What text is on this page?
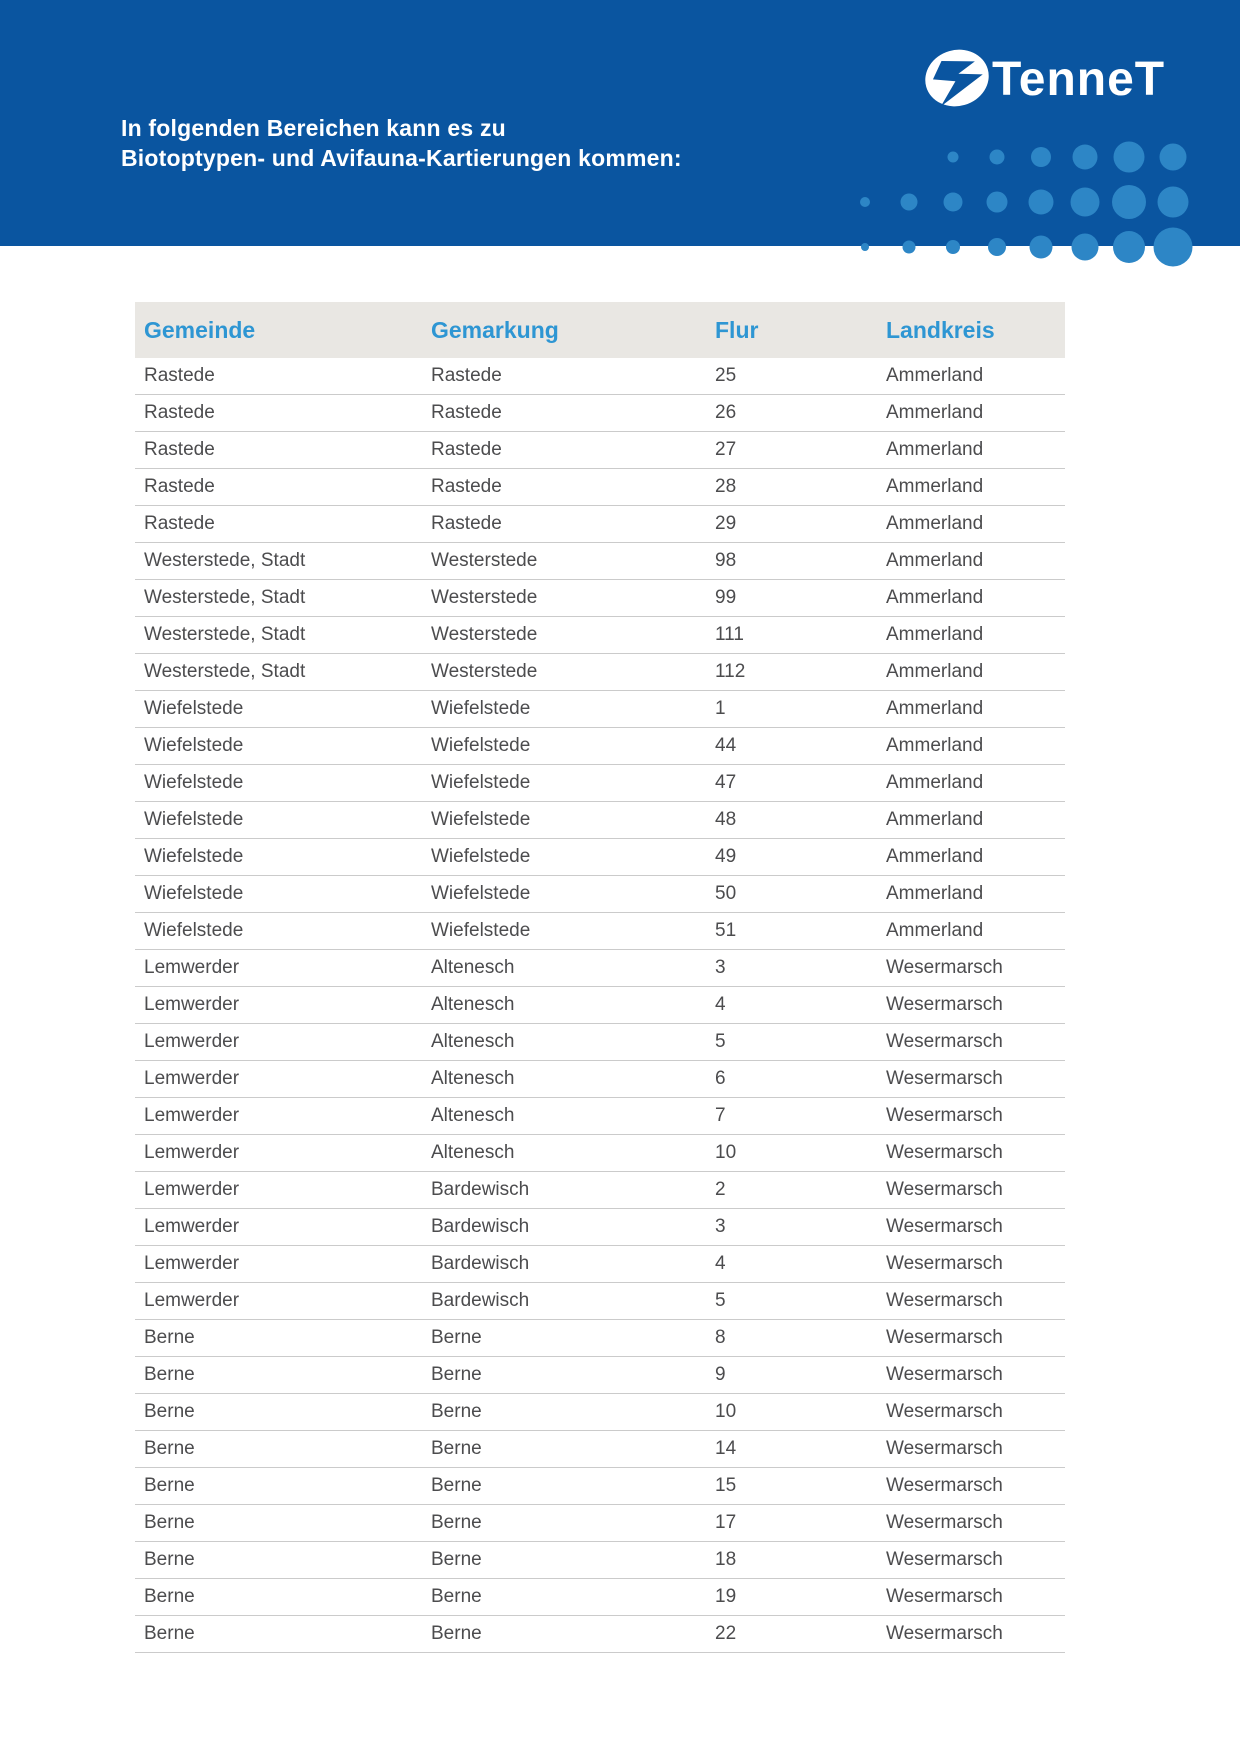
In folgenden Bereichen kann es zu
Biotoptypen- und Avifauna-Kartierungen kommen:
TenneT
Gemeinde	Gemarkung	Flur	Landkreis
Rastede	Rastede	25	Ammerland
Rastede	Rastede	26	Ammerland
Rastede	Rastede	27	Ammerland
Rastede	Rastede	28	Ammerland
Rastede	Rastede	29	Ammerland
Westerstede, Stadt	Westerstede	98	Ammerland
Westerstede, Stadt	Westerstede	99	Ammerland
Westerstede, Stadt	Westerstede	111	Ammerland
Westerstede, Stadt	Westerstede	112	Ammerland
Wiefelstede	Wiefelstede	1	Ammerland
Wiefelstede	Wiefelstede	44	Ammerland
Wiefelstede	Wiefelstede	47	Ammerland
Wiefelstede	Wiefelstede	48	Ammerland
Wiefelstede	Wiefelstede	49	Ammerland
Wiefelstede	Wiefelstede	50	Ammerland
Wiefelstede	Wiefelstede	51	Ammerland
Lemwerder	Altenesch	3	Wesermarsch
Lemwerder	Altenesch	4	Wesermarsch
Lemwerder	Altenesch	5	Wesermarsch
Lemwerder	Altenesch	6	Wesermarsch
Lemwerder	Altenesch	7	Wesermarsch
Lemwerder	Altenesch	10	Wesermarsch
Lemwerder	Bardewisch	2	Wesermarsch
Lemwerder	Bardewisch	3	Wesermarsch
Lemwerder	Bardewisch	4	Wesermarsch
Lemwerder	Bardewisch	5	Wesermarsch
Berne	Berne	8	Wesermarsch
Berne	Berne	9	Wesermarsch
Berne	Berne	10	Wesermarsch
Berne	Berne	14	Wesermarsch
Berne	Berne	15	Wesermarsch
Berne	Berne	17	Wesermarsch
Berne	Berne	18	Wesermarsch
Berne	Berne	19	Wesermarsch
Berne	Berne	22	Wesermarsch
